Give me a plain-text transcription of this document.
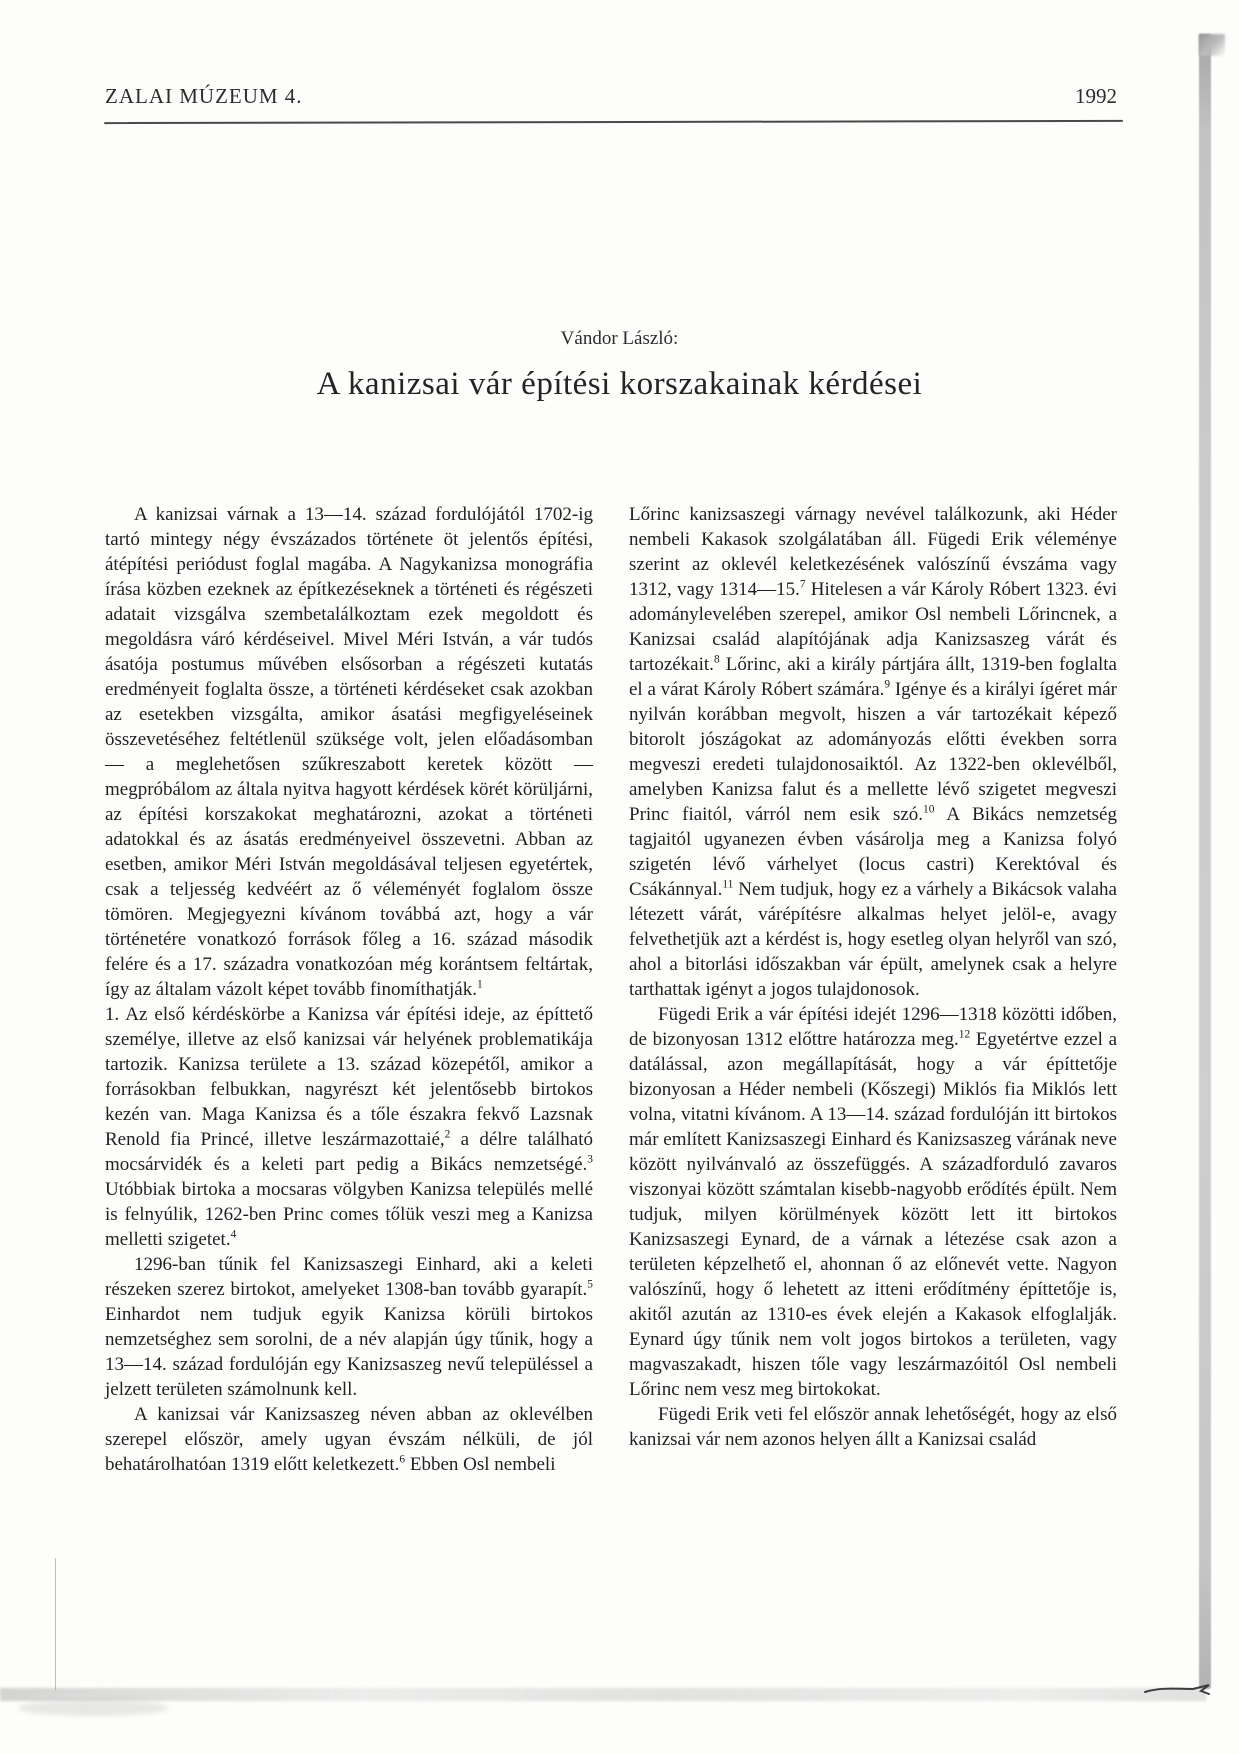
ZALAI MÚZEUM 4.	1992
Vándor László:
A kanizsai vár építési korszakainak kérdései

A kanizsai várnak a 13—14. század fordulójától 1702-ig tartó mintegy négy évszázados története öt jelentős építési, átépítési periódust foglal magába. A Nagykanizsa monográfia írása közben ezeknek az építkezéseknek a történeti és régészeti adatait vizsgálva szembetalálkoztam ezek megoldott és megoldásra váró kérdéseivel. Mivel Méri István, a vár tudós ásatója postumus művében elsősorban a régészeti kutatás eredményeit foglalta össze, a történeti kérdéseket csak azokban az esetekben vizsgálta, amikor ásatási megfigyeléseinek összevetéséhez feltétlenül szüksége volt, jelen előadásomban — a meglehetősen szűkreszabott keretek között — megpróbálom az általa nyitva hagyott kérdések körét körüljárni, az építési korszakokat meghatározni, azokat a történeti adatokkal és az ásatás eredményeivel összevetni. Abban az esetben, amikor Méri István megoldásával teljesen egyetértek, csak a teljesség kedvéért az ő véleményét foglalom össze tömören. Megjegyezni kívánom továbbá azt, hogy a vár történetére vonatkozó források főleg a 16. század második felére és a 17. századra vonatkozóan még korántsem feltártak, így az általam vázolt képet tovább finomíthatják.$^1$

1. Az első kérdéskörbe a Kanizsa vár építési ideje, az építtető személye, illetve az első kanizsai vár helyének problematikája tartozik. Kanizsa területe a 13. század közepétől, amikor a forrásokban felbukkan, nagyrészt két jelentősebb birtokos kezén van. Maga Kanizsa és a tőle északra fekvő Lazsnak Renold fia Princé, illetve leszármazottaié,$^2$ a délre található mocsárvidék és a keleti part pedig a Bikács nemzetségé.$^3$ Utóbbiak birtoka a mocsaras völgyben Kanizsa település mellé is felnyúlik, 1262-ben Princ comes tőlük veszi meg a Kanizsa melletti szigetet.$^4$

1296-ban tűnik fel Kanizsaszegi Einhard, aki a keleti részeken szerez birtokot, amelyeket 1308-ban tovább gyarapít.$^5$ Einhardot nem tudjuk egyik Kanizsa körüli birtokos nemzetséghez sem sorolni, de a név alapján úgy tűnik, hogy a 13—14. század fordulóján egy Kanizsaszeg nevű településsel a jelzett területen számolnunk kell.

A kanizsai vár Kanizsaszeg néven abban az oklevélben szerepel először, amely ugyan évszám nélküli, de jól behatárolhatóan 1319 előtt keletkezett.$^6$ Ebben Osl nembeli

Lőrinc kanizsaszegi várnagy nevével találkozunk, aki Héder nembeli Kakasok szolgálatában áll. Fügedi Erik véleménye szerint az oklevél keletkezésének valószínű évszáma vagy 1312, vagy 1314—15.$^7$ Hitelesen a vár Károly Róbert 1323. évi adománylevelében szerepel, amikor Osl nembeli Lőrincnek, a Kanizsai család alapítójának adja Kanizsaszeg várát és tartozékait.$^8$ Lőrinc, aki a király pártjára állt, 1319-ben foglalta el a várat Károly Róbert számára.$^9$ Igénye és a királyi ígéret már nyilván korábban megvolt, hiszen a vár tartozékait képező bitorolt jószágokat az adományozás előtti években sorra megveszi eredeti tulajdonosaiktól. Az 1322-ben oklevélből, amelyben Kanizsa falut és a mellette lévő szigetet megveszi Princ fiaitól, várról nem esik szó.$^{10}$ A Bikács nemzetség tagjaitól ugyanezen évben vásárolja meg a Kanizsa folyó szigetén lévő várhelyet (locus castri) Kerektóval és Csákánnyal.$^{11}$ Nem tudjuk, hogy ez a várhely a Bikácsok valaha létezett várát, várépítésre alkalmas helyet jelöl-e, avagy felvethetjük azt a kérdést is, hogy esetleg olyan helyről van szó, ahol a bitorlási időszakban vár épült, amelynek csak a helyre tarthattak igényt a jogos tulajdonosok.

Fügedi Erik a vár építési idejét 1296—1318 közötti időben, de bizonyosan 1312 előttre határozza meg.$^{12}$ Egyetértve ezzel a datálással, azon megállapítását, hogy a vár építtetője bizonyosan a Héder nembeli (Kőszegi) Miklós fia Miklós lett volna, vitatni kívánom. A 13—14. század fordulóján itt birtokos már említett Kanizsaszegi Einhard és Kanizsaszeg várának neve között nyilvánvaló az összefüggés. A századforduló zavaros viszonyai között számtalan kisebb-nagyobb erődítés épült. Nem tudjuk, milyen körülmények között lett itt birtokos Kanizsaszegi Eynard, de a várnak a létezése csak azon a területen képzelhető el, ahonnan ő az előnevét vette. Nagyon valószínű, hogy ő lehetett az itteni erődítmény építtetője is, akitől azután az 1310-es évek elején a Kakasok elfoglalják. Eynard úgy tűnik nem volt jogos birtokos a területen, vagy magvaszakadt, hiszen tőle vagy leszármazóitól Osl nembeli Lőrinc nem vesz meg birtokokat.

Fügedi Erik veti fel először annak lehetőségét, hogy az első kanizsai vár nem azonos helyen állt a Kanizsai család
